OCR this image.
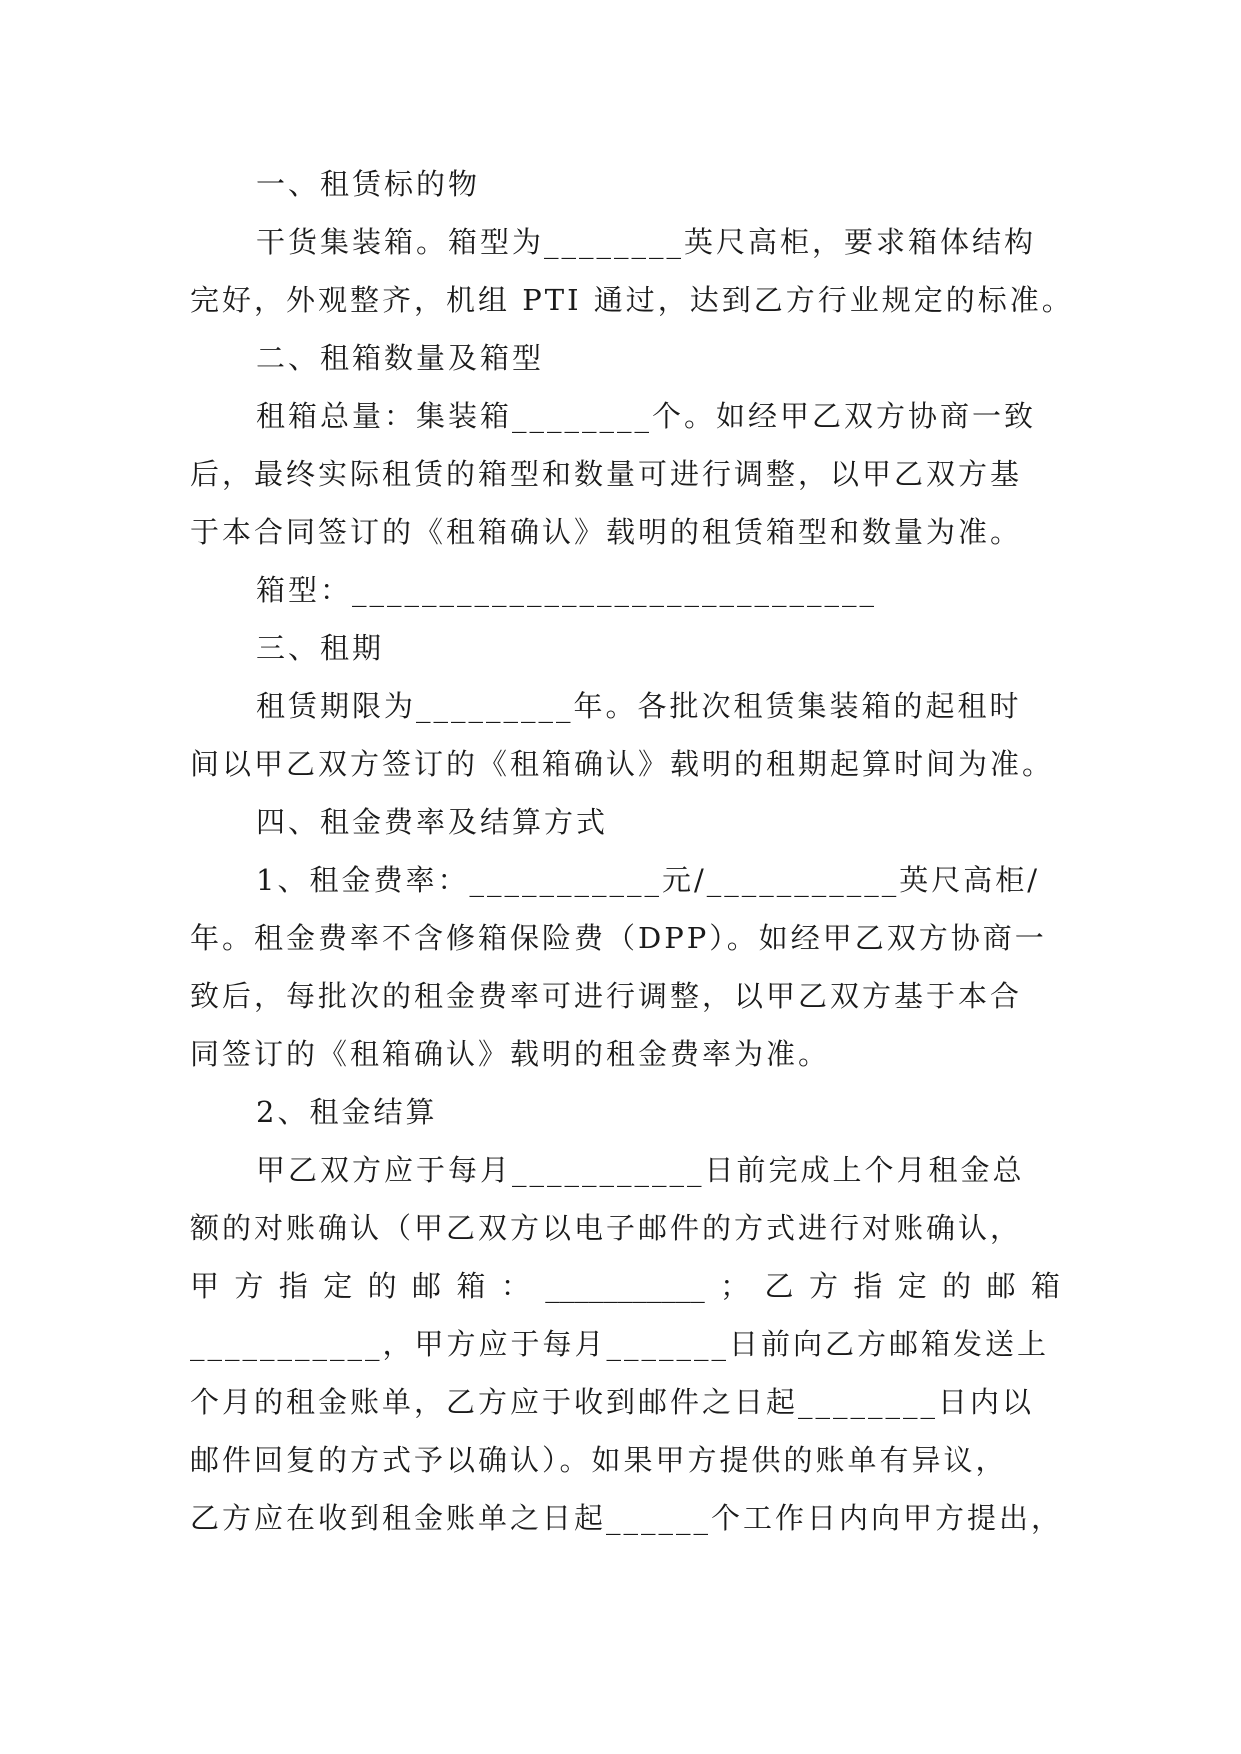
一、租赁标的物
干货集装箱。箱型为________英尺高柜，要求箱体结构
完好，外观整齐，机组 PTI 通过，达到乙方行业规定的标准。
二、租箱数量及箱型
租箱总量：集装箱________个。如经甲乙双方协商一致
后，最终实际租赁的箱型和数量可进行调整，以甲乙双方基
于本合同签订的《租箱确认》载明的租赁箱型和数量为准。
箱型：______________________________
三、租期
租赁期限为_________年。各批次租赁集装箱的起租时
间以甲乙双方签订的《租箱确认》载明的租期起算时间为准。
四、租金费率及结算方式
1、租金费率：___________元/___________英尺高柜/
年。租金费率不含修箱保险费（DPP）。如经甲乙双方协商一
致后，每批次的租金费率可进行调整，以甲乙双方基于本合
同签订的《租箱确认》载明的租金费率为准。
2、租金结算
甲乙双方应于每月___________日前完成上个月租金总
额的对账确认（甲乙双方以电子邮件的方式进行对账确认，
甲 方 指 定 的 邮 箱 ： ___________ ； 乙 方 指 定 的 邮 箱
___________，甲方应于每月_______日前向乙方邮箱发送上
个月的租金账单，乙方应于收到邮件之日起________日内以
邮件回复的方式予以确认）。如果甲方提供的账单有异议，
乙方应在收到租金账单之日起______个工作日内向甲方提出，
